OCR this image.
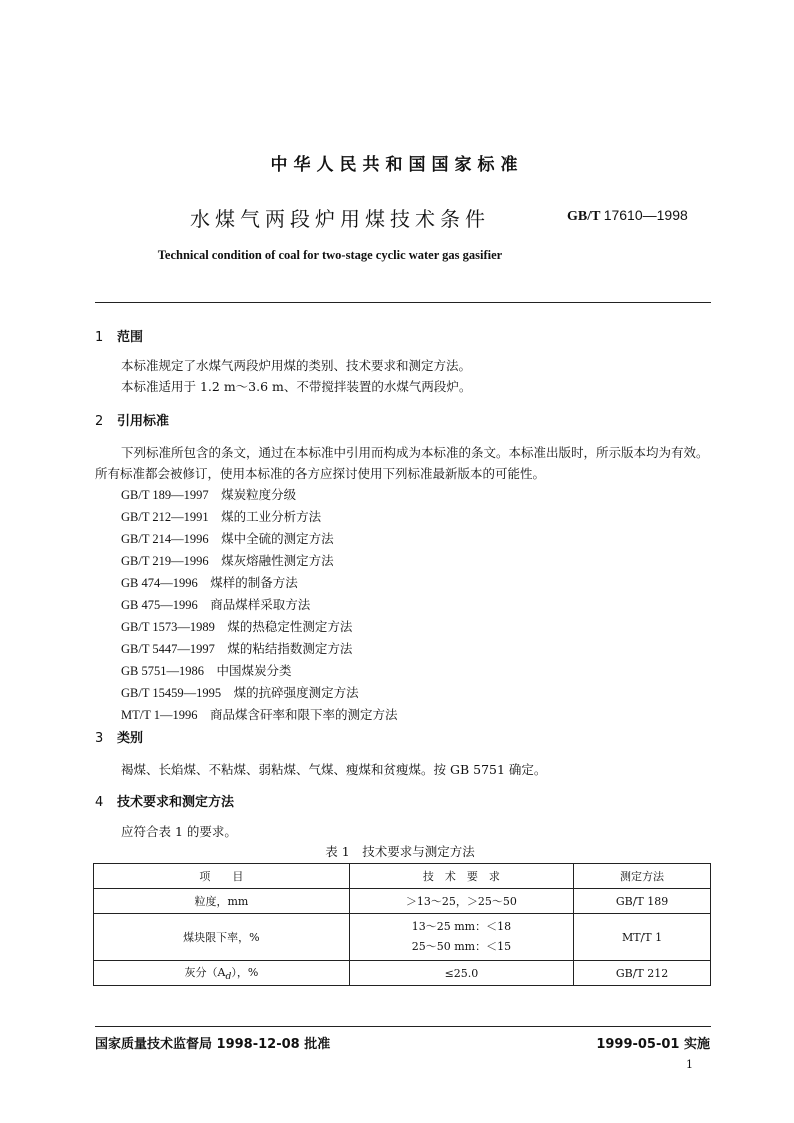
中华人民共和国国家标准
水煤气两段炉用煤技术条件	GB/T 17610—1998
Technical condition of coal for two-stage cyclic water gas gasifier
1 范围
本标准规定了水煤气两段炉用煤的类别、技术要求和测定方法。
本标准适用于 1.2 m～3.6 m、不带搅拌装置的水煤气两段炉。
2 引用标准
下列标准所包含的条文，通过在本标准中引用而构成为本标准的条文。本标准出版时，所示版本均为有效。所有标准都会被修订，使用本标准的各方应探讨使用下列标准最新版本的可能性。
GB/T 189—1997　 煤炭粒度分级
GB/T 212—1991　 煤的工业分析方法
GB/T 214—1996　 煤中全硫的测定方法
GB/T 219—1996　 煤灰熔融性测定方法
GB 474—1996　 煤样的制备方法
GB 475—1996　 商品煤样采取方法
GB/T 1573—1989　 煤的热稳定性测定方法
GB/T 5447—1997　 煤的粘结指数测定方法
GB 5751—1986　 中国煤炭分类
GB/T 15459—1995　 煤的抗碎强度测定方法
MT/T 1—1996　 商品煤含矸率和限下率的测定方法
3 类别
褐煤、长焰煤、不粘煤、弱粘煤、气煤、瘦煤和贫瘦煤。按 GB 5751 确定。
4 技术要求和测定方法
应符合表 1 的要求。
表 1　技术要求与测定方法
项　　目	技　术　要　求	测定方法
粒度，mm	＞13～25，＞25～50	GB/T 189
煤块限下率，%	13～25 mm：＜18
25～50 mm：＜15	MT/T 1
灰分$(A_d)$，%	≤25.0	GB/T 212
国家质量技术监督局 1998-12-08 批准	1999-05-01 实施
1
